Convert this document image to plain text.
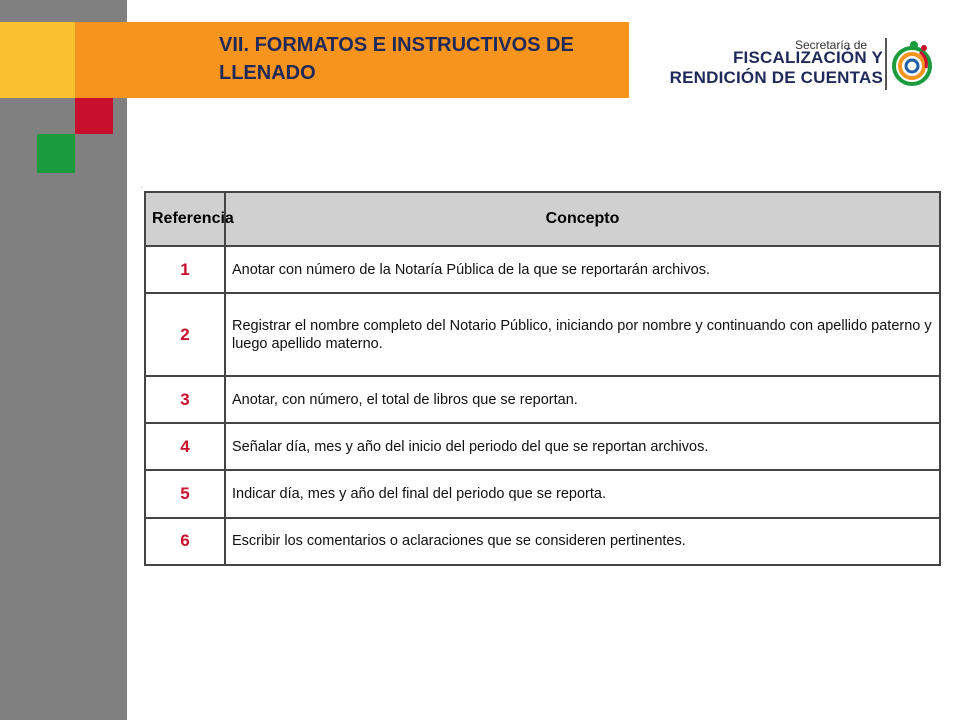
VII. FORMATOS E INSTRUCTIVOS DE LLENADO
Secretaría de
FISCALIZACIÓN Y
RENDICIÓN DE CUENTAS
·
Referencia	Concepto
1	Anotar con número de la Notaría Pública de la que se reportarán archivos.
2	Registrar el nombre completo del Notario Público, iniciando por nombre y continuando con apellido paterno y luego apellido materno.
3	Anotar, con número, el total de libros que se reportan.
4	Señalar día, mes y año del inicio del periodo del que se reportan archivos.
5	Indicar día, mes y año del final del periodo que se reporta.
6	Escribir los comentarios o aclaraciones que se consideren pertinentes.
